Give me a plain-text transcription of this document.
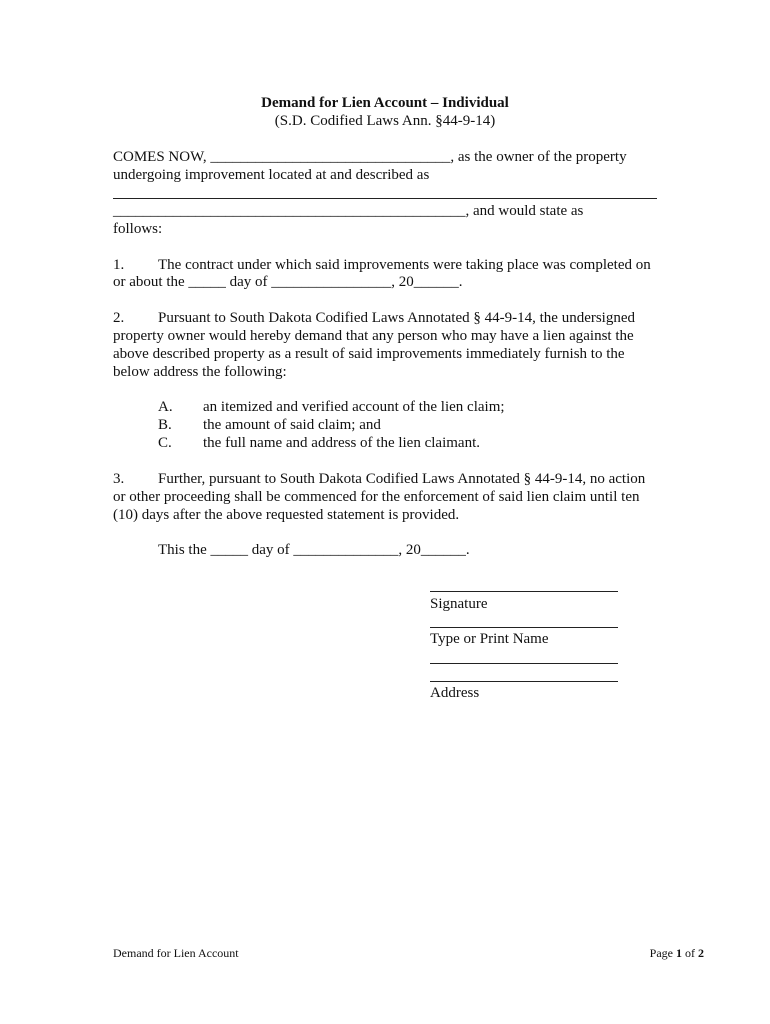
Demand for Lien Account – Individual
(S.D. Codified Laws Ann. §44-9-14)
COMES NOW, ________________________________, as the owner of the property
undergoing improvement located at and described as
_______________________________________________, and would state as
follows:
1. The contract under which said improvements were taking place was completed on
or about the _____ day of ________________, 20______.
2. Pursuant to South Dakota Codified Laws Annotated § 44-9-14, the undersigned
property owner would hereby demand that any person who may have a lien against the
above described property as a result of said improvements immediately furnish to the
below address the following:
A. an itemized and verified account of the lien claim;
B. the amount of said claim; and
C. the full name and address of the lien claimant.
3. Further, pursuant to South Dakota Codified Laws Annotated § 44-9-14, no action
or other proceeding shall be commenced for the enforcement of said lien claim until ten
(10) days after the above requested statement is provided.
This the _____ day of ______________, 20______.
Signature
Type or Print Name
Address
Demand for Lien Account	Page 1 of 2
